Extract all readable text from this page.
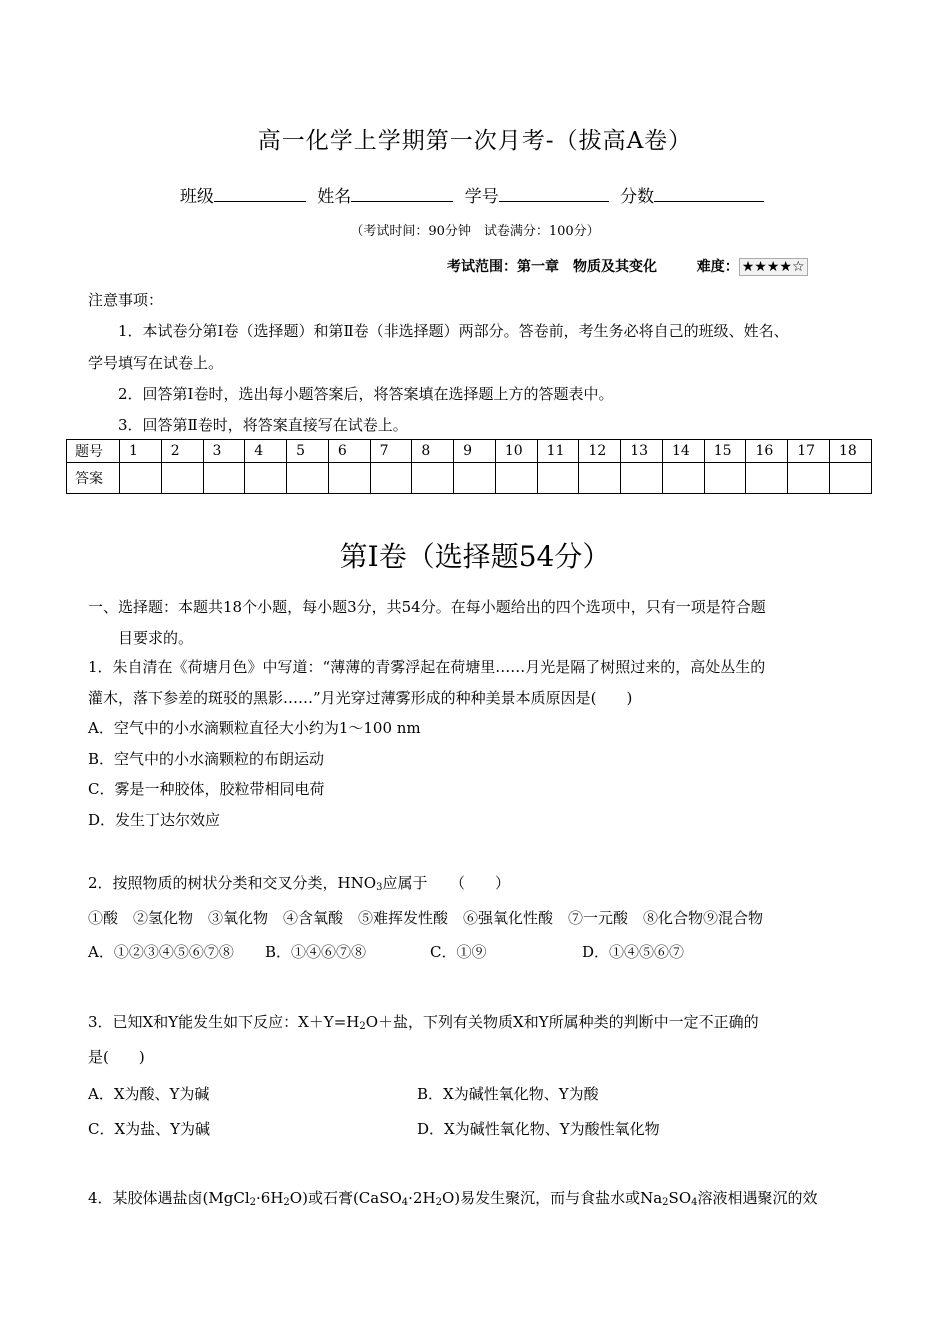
高一化学上学期第一次月考-（拔高A卷）
班级	姓名	学号	分数
（考试时间：90分钟　试卷满分：100分）
考试范围：第一章　物质及其变化	难度： ★★★★☆
注意事项：
1．本试卷分第Ⅰ卷（选择题）和第Ⅱ卷（非选择题）两部分。答卷前，考生务必将自己的班级、姓名、
学号填写在试卷上。
2．回答第Ⅰ卷时，选出每小题答案后，将答案填在选择题上方的答题表中。
3．回答第Ⅱ卷时，将答案直接写在试卷上。
题号	1	2	3	4	5	6	7	8	9	10	11	12	13	14	15	16	17	18
答案																		
第Ⅰ卷（选择题54分）
一、选择题：本题共18个小题，每小题3分，共54分。在每小题给出的四个选项中，只有一项是符合题
目要求的。
1．朱自清在《荷塘月色》中写道：“薄薄的青雾浮起在荷塘里……月光是隔了树照过来的，高处丛生的
灌木，落下参差的斑驳的黑影……”月光穿过薄雾形成的种种美景本质原因是(　　)
A．空气中的小水滴颗粒直径大小约为1～100 nm
B．空气中的小水滴颗粒的布朗运动
C．雾是一种胶体，胶粒带相同电荷
D．发生丁达尔效应
2．按照物质的树状分类和交叉分类，$HNO_3$应属于　　（　　）
①酸　②氢化物　③氧化物　④含氧酸　⑤难挥发性酸　⑥强氧化性酸　⑦一元酸　⑧化合物⑨混合物
A．①②③④⑤⑥⑦⑧ B．①④⑥⑦⑧	C．①⑨	D．①④⑤⑥⑦
3．已知X和Y能发生如下反应：$X+Y=H_2O+$盐，下列有关物质X和Y所属种类的判断中一定不正确的
是(　　)
A．X为酸、Y为碱	B．X为碱性氧化物、Y为酸
C．X为盐、Y为碱	D．X为碱性氧化物、Y为酸性氧化物
4．某胶体遇盐卤$(MgCl_2\cdot 6H_2O)$或石膏$(CaSO_4\cdot 2H_2O)$易发生聚沉，而与食盐水或$Na_2SO_4$溶液相遇聚沉的效
